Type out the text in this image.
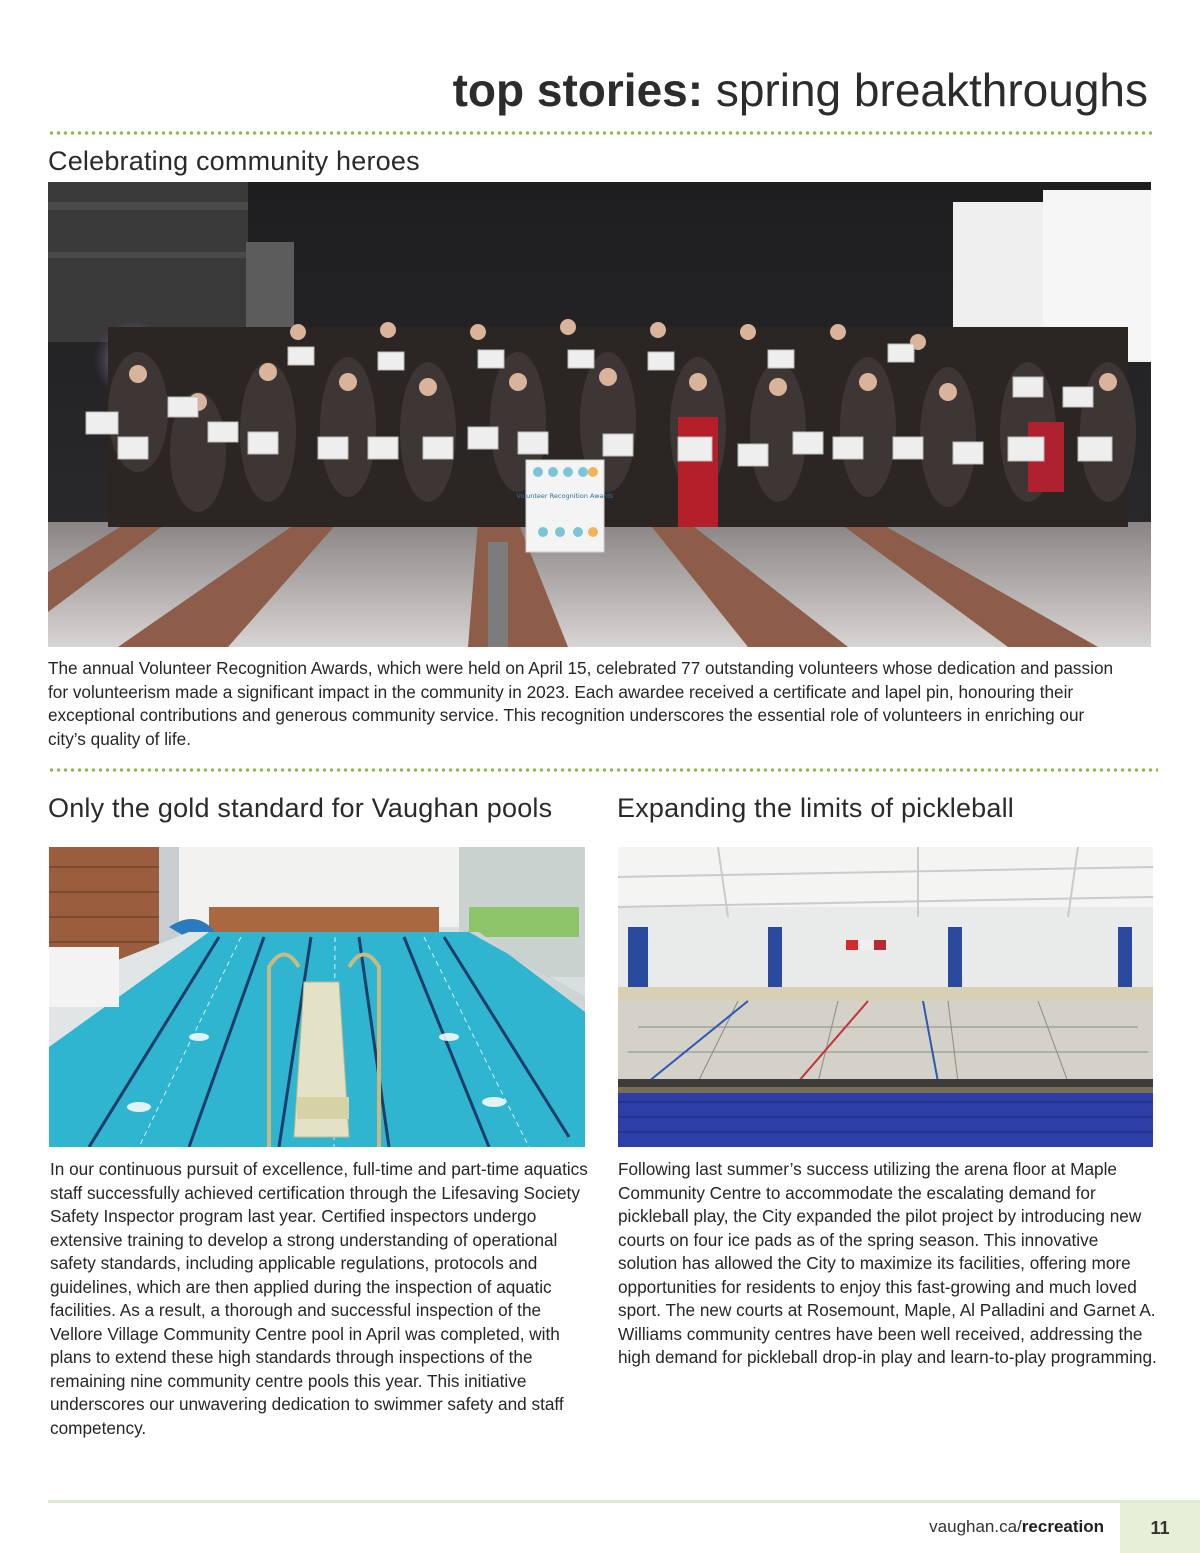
top stories: spring breakthroughs
Celebrating community heroes
Volunteer Recognition Awards

The annual Volunteer Recognition Awards, which were held on April 15, celebrated 77 outstanding volunteers whose dedication and passion for volunteerism made a significant impact in the community in 2023. Each awardee received a certificate and lapel pin, honouring their exceptional contributions and generous community service. This recognition underscores the essential role of volunteers in enriching our city’s quality of life.

Only the gold standard for Vaughan pools

In our continuous pursuit of excellence, full-time and part-time aquatics staff successfully achieved certification through the Lifesaving Society Safety Inspector program last year. Certified inspectors undergo extensive training to develop a strong understanding of operational safety standards, including applicable regulations, protocols and guidelines, which are then applied during the inspection of aquatic facilities. As a result, a thorough and successful inspection of the Vellore Village Community Centre pool in April was completed, with plans to extend these high standards through inspections of the remaining nine community centre pools this year. This initiative underscores our unwavering dedication to swimmer safety and staff competency.

Expanding the limits of pickleball

Following last summer’s success utilizing the arena floor at Maple Community Centre to accommodate the escalating demand for pickleball play, the City expanded the pilot project by introducing new courts on four ice pads as of the spring season. This innovative solution has allowed the City to maximize its facilities, offering more opportunities for residents to enjoy this fast-growing and much loved sport. The new courts at Rosemount, Maple, Al Palladini and Garnet A. Williams community centres have been well received, addressing the high demand for pickleball drop-in play and learn-to-play programming.

vaughan.ca/recreation	11
